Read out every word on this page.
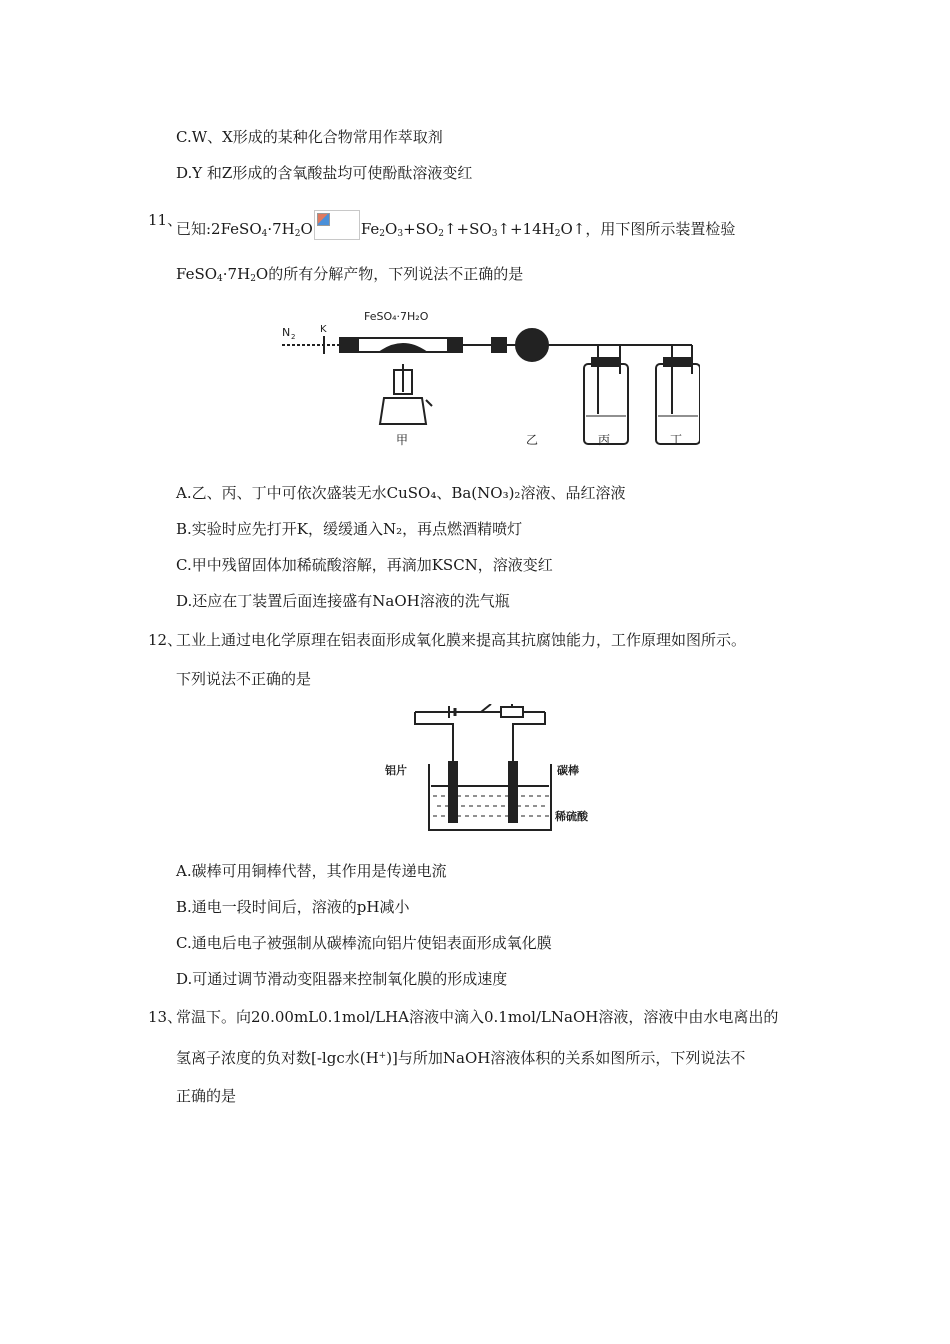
C.W、X形成的某种化合物常用作萃取剂
D.Y 和Z形成的含氧酸盐均可使酚酞溶液变红
11、
已知$:2FeSO_4\cdot 7H_2O$	$Fe_2O_3+SO_2↑+SO_3↑+14H_2O↑$，用下图所示装置检验
$FeSO_4\cdot 7H_2O$的所有分解产物，下列说法不正确的是
N 2
K
FeSO₄·7H₂O
甲	乙	丙	丁
A.乙、丙、丁中可依次盛装无水CuSO₄、Ba(NO₃)₂溶液、品红溶液
B.实验时应先打开K，缓缓通入N₂，再点燃酒精喷灯
C.甲中残留固体加稀硫酸溶解，再滴加KSCN，溶液变红
D.还应在丁装置后面连接盛有NaOH溶液的洗气瓶
12、
工业上通过电化学原理在铝表面形成氧化膜来提高其抗腐蚀能力，工作原理如图所示。
下列说法不正确的是
铝片	碳棒
稀硫酸
A.碳棒可用铜棒代替，其作用是传递电流
B.通电一段时间后，溶液的pH减小
C.通电后电子被强制从碳棒流向铝片使铝表面形成氧化膜
D.可通过调节滑动变阻器来控制氧化膜的形成速度
13、
常温下。向20.00mL0.1mol/LHA溶液中滴入0.1mol/LNaOH溶液，溶液中由水电离出的
氢离子浓度的负对数[-lgc水(H+)]与所加NaOH溶液体积的关系如图所示，下列说法不
正确的是
